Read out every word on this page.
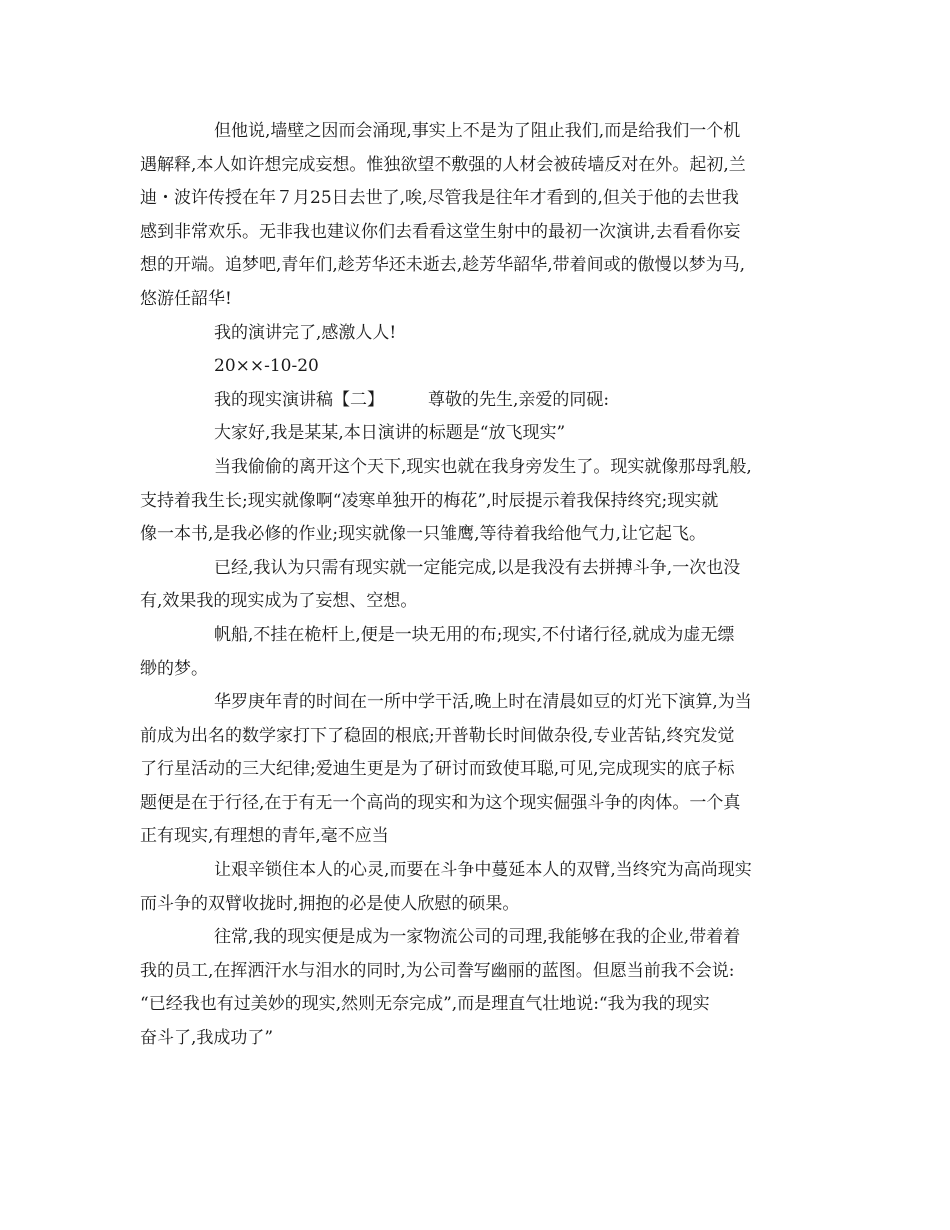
但他说,墙壁之因而会涌现,事实上不是为了阻止我们,而是给我们一个机
遇解释,本人如许想完成妄想。惟独欲望不敷强的人材会被砖墙反对在外。起初,兰
迪・波许传授在年７月25日去世了,唉,尽管我是往年才看到的,但关于他的去世我
感到非常欢乐。无非我也建议你们去看看这堂生射中的最初一次演讲,去看看你妄
想的开端。追梦吧,青年们,趁芳华还未逝去,趁芳华韶华,带着间或的傲慢以梦为马,
悠游任韶华!
我的演讲完了,感激人人!
20××-10-20
我的现实演讲稿【二】	尊敬的先生,亲爱的同砚:
大家好,我是某某,本日演讲的标题是“放飞现实”
当我偷偷的离开这个天下,现实也就在我身旁发生了。现实就像那母乳般,
支持着我生长;现实就像啊“凌寒单独开的梅花”,时辰提示着我保持终究;现实就
像一本书,是我必修的作业;现实就像一只雏鹰,等待着我给他气力,让它起飞。
已经,我认为只需有现实就一定能完成,以是我没有去拼搏斗争,一次也没
有,效果我的现实成为了妄想、空想。
帆船,不挂在桅杆上,便是一块无用的布;现实,不付诸行径,就成为虚无缥
缈的梦。
华罗庚年青的时间在一所中学干活,晚上时在清晨如豆的灯光下演算,为当
前成为出名的数学家打下了稳固的根底;开普勒长时间做杂役,专业苦钻,终究发觉
了行星活动的三大纪律;爱迪生更是为了研讨而致使耳聪,可见,完成现实的底子标
题便是在于行径,在于有无一个高尚的现实和为这个现实倔强斗争的肉体。一个真
正有现实,有理想的青年,毫不应当
让艰辛锁住本人的心灵,而要在斗争中蔓延本人的双臂,当终究为高尚现实
而斗争的双臂收拢时,拥抱的必是使人欣慰的硕果。
往常,我的现实便是成为一家物流公司的司理,我能够在我的企业,带着着
我的员工,在挥洒汗水与泪水的同时,为公司誊写幽丽的蓝图。但愿当前我不会说:
“已经我也有过美妙的现实,然则无奈完成”,而是理直气壮地说:“我为我的现实
奋斗了,我成功了”
